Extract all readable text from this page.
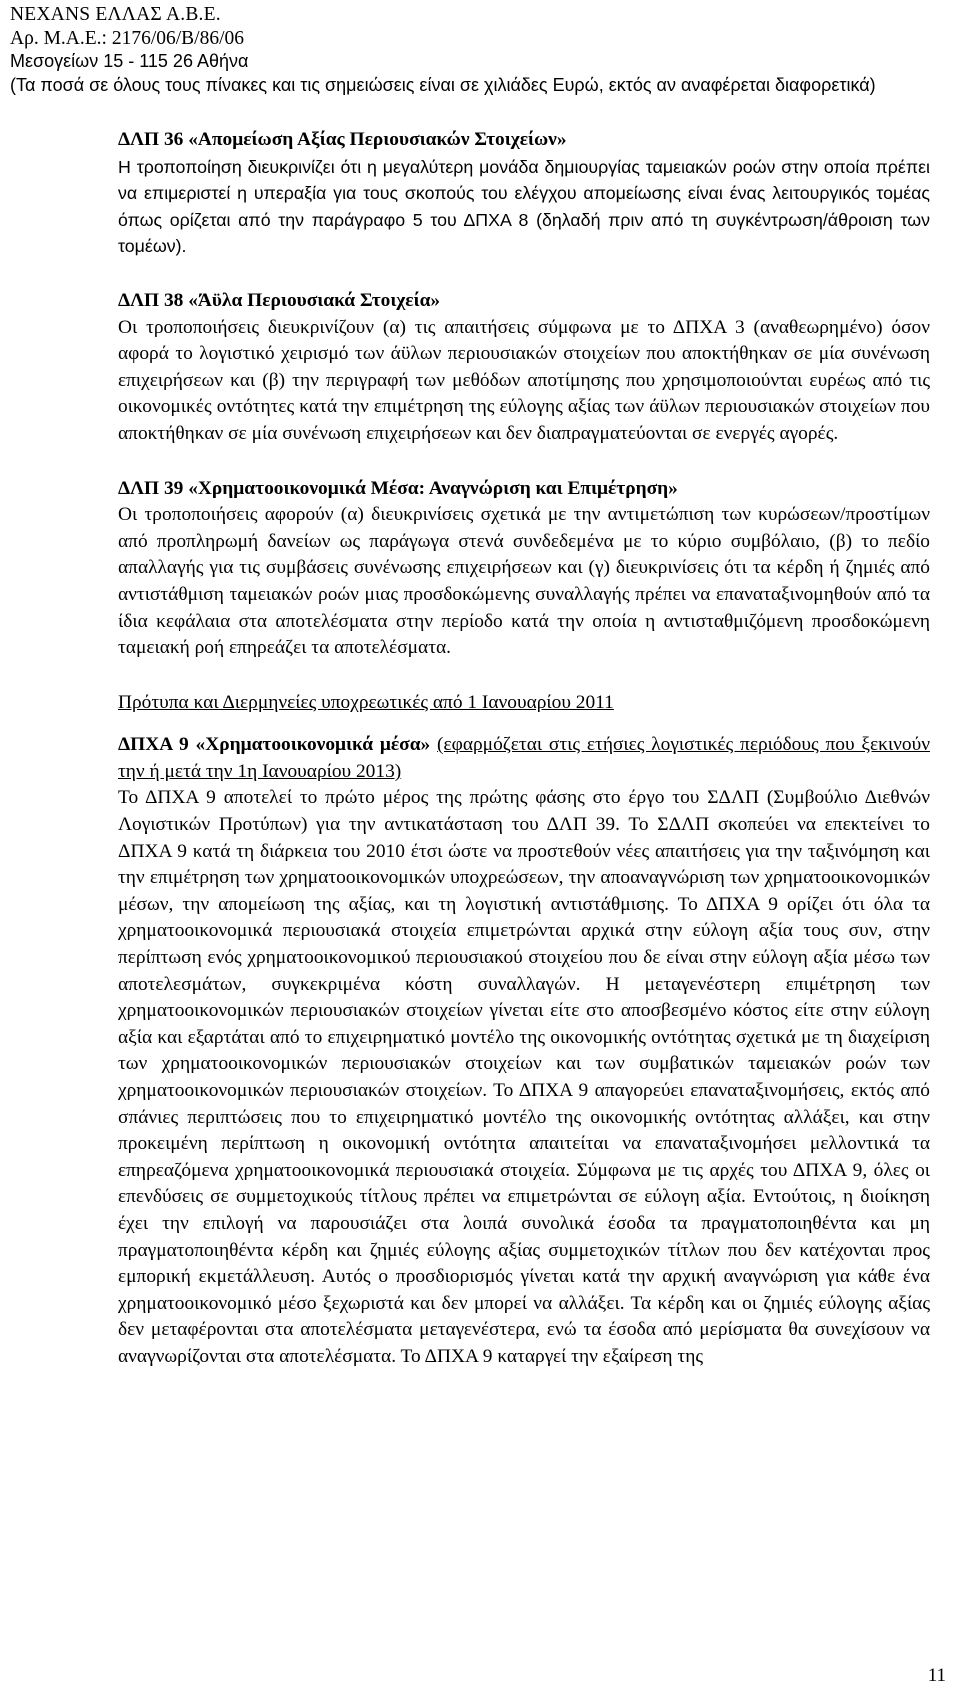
NEXANS ΕΛΛΑΣ Α.Β.Ε.
Αρ. Μ.Α.Ε.: 2176/06/Β/86/06
Μεσογείων 15 - 115 26 Αθήνα
(Τα ποσά σε όλους τους πίνακες και τις σημειώσεις είναι σε χιλιάδες Ευρώ, εκτός αν αναφέρεται διαφορετικά)
ΔΛΠ 36 «Απομείωση Αξίας Περιουσιακών Στοιχείων»

Η τροποποίηση διευκρινίζει ότι η μεγαλύτερη μονάδα δημιουργίας ταμειακών ροών στην οποία πρέπει να επιμεριστεί η υπεραξία για τους σκοπούς του ελέγχου απομείωσης είναι ένας λειτουργικός τομέας όπως ορίζεται από την παράγραφο 5 του ΔΠΧΑ 8 (δηλαδή πριν από τη συγκέντρωση/άθροιση των τομέων).

ΔΛΠ 38 «Άϋλα Περιουσιακά Στοιχεία»

Οι τροποποιήσεις διευκρινίζουν (α) τις απαιτήσεις σύμφωνα με το ΔΠΧΑ 3 (αναθεωρημένο) όσον αφορά το λογιστικό χειρισμό των άϋλων περιουσιακών στοιχείων που αποκτήθηκαν σε μία συνένωση επιχειρήσεων και (β) την περιγραφή των μεθόδων αποτίμησης που χρησιμοποιούνται ευρέως από τις οικονομικές οντότητες κατά την επιμέτρηση της εύλογης αξίας των άϋλων περιουσιακών στοιχείων που αποκτήθηκαν σε μία συνένωση επιχειρήσεων και δεν διαπραγματεύονται σε ενεργές αγορές.

ΔΛΠ 39 «Χρηματοοικονομικά Μέσα: Αναγνώριση και Επιμέτρηση»

Οι τροποποιήσεις αφορούν (α) διευκρινίσεις σχετικά με την αντιμετώπιση των κυρώσεων/προστίμων από προπληρωμή δανείων ως παράγωγα στενά συνδεδεμένα με το κύριο συμβόλαιο, (β) το πεδίο απαλλαγής για τις συμβάσεις συνένωσης επιχειρήσεων και (γ) διευκρινίσεις ότι τα κέρδη ή ζημιές από αντιστάθμιση ταμειακών ροών μιας προσδοκώμενης συναλλαγής πρέπει να επαναταξινομηθούν από τα ίδια κεφάλαια στα αποτελέσματα στην περίοδο κατά την οποία η αντισταθμιζόμενη προσδοκώμενη ταμειακή ροή επηρεάζει τα αποτελέσματα.

Πρότυπα και Διερμηνείες υποχρεωτικές από 1 Ιανουαρίου 2011

ΔΠΧΑ 9 «Χρηματοοικονομικά μέσα» (εφαρμόζεται στις ετήσιες λογιστικές περιόδους που ξεκινούν την ή μετά την 1η Ιανουαρίου 2013)

Το ΔΠΧΑ 9 αποτελεί το πρώτο μέρος της πρώτης φάσης στο έργο του ΣΔΛΠ (Συμβούλιο Διεθνών Λογιστικών Προτύπων) για την αντικατάσταση του ΔΛΠ 39. Το ΣΔΛΠ σκοπεύει να επεκτείνει το ΔΠΧΑ 9 κατά τη διάρκεια του 2010 έτσι ώστε να προστεθούν νέες απαιτήσεις για την ταξινόμηση και την επιμέτρηση των χρηματοοικονομικών υποχρεώσεων, την αποαναγνώριση των χρηματοοικονομικών μέσων, την απομείωση της αξίας, και τη λογιστική αντιστάθμισης. Το ΔΠΧΑ 9 ορίζει ότι όλα τα χρηματοοικονομικά περιουσιακά στοιχεία επιμετρώνται αρχικά στην εύλογη αξία τους συν, στην περίπτωση ενός χρηματοοικονομικού περιουσιακού στοιχείου που δε είναι στην εύλογη αξία μέσω των αποτελεσμάτων, συγκεκριμένα κόστη συναλλαγών. Η μεταγενέστερη επιμέτρηση των χρηματοοικονομικών περιουσιακών στοιχείων γίνεται είτε στο αποσβεσμένο κόστος είτε στην εύλογη αξία και εξαρτάται από το επιχειρηματικό μοντέλο της οικονομικής οντότητας σχετικά με τη διαχείριση των χρηματοοικονομικών περιουσιακών στοιχείων και των συμβατικών ταμειακών ροών των χρηματοοικονομικών περιουσιακών στοιχείων. Το ΔΠΧΑ 9 απαγορεύει επαναταξινομήσεις, εκτός από σπάνιες περιπτώσεις που το επιχειρηματικό μοντέλο της οικονομικής οντότητας αλλάξει, και στην προκειμένη περίπτωση η οικονομική οντότητα απαιτείται να επαναταξινομήσει μελλοντικά τα επηρεαζόμενα χρηματοοικονομικά περιουσιακά στοιχεία. Σύμφωνα με τις αρχές του ΔΠΧΑ 9, όλες οι επενδύσεις σε συμμετοχικούς τίτλους πρέπει να επιμετρώνται σε εύλογη αξία. Εντούτοις, η διοίκηση έχει την επιλογή να παρουσιάζει στα λοιπά συνολικά έσοδα τα πραγματοποιηθέντα και μη πραγματοποιηθέντα κέρδη και ζημιές εύλογης αξίας συμμετοχικών τίτλων που δεν κατέχονται προς εμπορική εκμετάλλευση. Αυτός ο προσδιορισμός γίνεται κατά την αρχική αναγνώριση για κάθε ένα χρηματοοικονομικό μέσο ξεχωριστά και δεν μπορεί να αλλάξει. Τα κέρδη και οι ζημιές εύλογης αξίας δεν μεταφέρονται στα αποτελέσματα μεταγενέστερα, ενώ τα έσοδα από μερίσματα θα συνεχίσουν να αναγνωρίζονται στα αποτελέσματα. Το ΔΠΧΑ 9 καταργεί την εξαίρεση της

11
